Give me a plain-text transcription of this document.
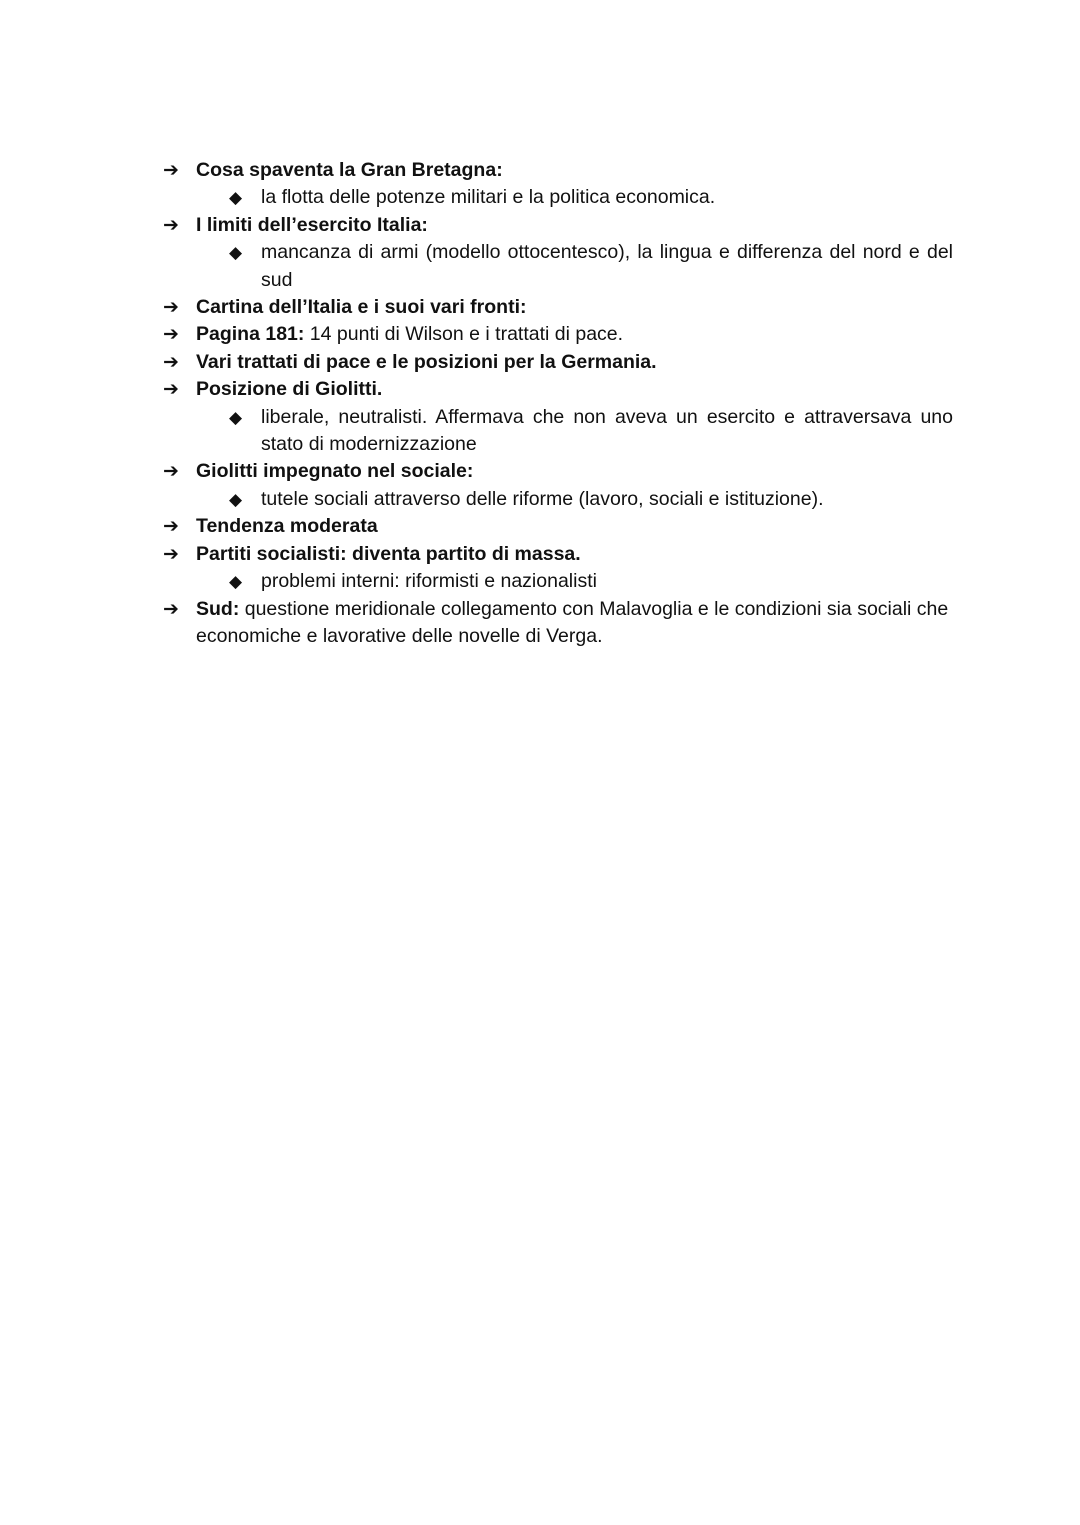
➔ Cosa spaventa la Gran Bretagna:
◆ la flotta delle potenze militari e la politica economica.
➔ I limiti dell’esercito Italia:
◆ mancanza di armi (modello ottocentesco), la lingua e differenza del nord e del sud
➔ Cartina dell’Italia e i suoi vari fronti:
➔ Pagina 181: 14 punti di Wilson e i trattati di pace.
➔ Vari trattati di pace e le posizioni per la Germania.
➔ Posizione di Giolitti.
◆ liberale, neutralisti. Affermava che non aveva un esercito e attraversava uno stato di modernizzazione
➔ Giolitti impegnato nel sociale:
◆ tutele sociali attraverso delle riforme (lavoro, sociali e istituzione).
➔ Tendenza moderata
➔ Partiti socialisti: diventa partito di massa.
◆ problemi interni: riformisti e nazionalisti
➔ Sud: questione meridionale collegamento con Malavoglia e le condizioni sia sociali che economiche e lavorative delle novelle di Verga.
